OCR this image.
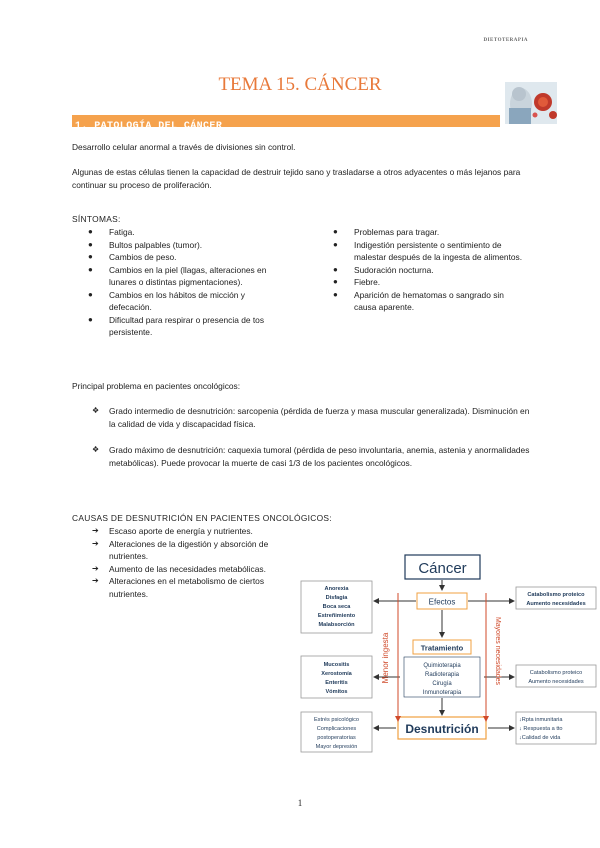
DIETOTERAPIA
TEMA 15. CÁNCER
1. PATOLOGÍA DEL CÁNCER
Desarrollo celular anormal a través de divisiones sin control.
Algunas de estas células tienen la capacidad de destruir tejido sano y trasladarse a otros adyacentes o más lejanos para continuar su proceso de proliferación.
SÍNTOMAS:
● Fatiga.
● Bultos palpables (tumor).
● Cambios de peso.
● Cambios en la piel (llagas, alteraciones en lunares o distintas pigmentaciones).
● Cambios en los hábitos de micción y defecación.
● Dificultad para respirar o presencia de tos persistente.
● Problemas para tragar.
● Indigestión persistente o sentimiento de malestar después de la ingesta de alimentos.
● Sudoración nocturna.
● Fiebre.
● Aparición de hematomas o sangrado sin causa aparente.
Principal problema en pacientes oncológicos:
❖ Grado intermedio de desnutrición: sarcopenia (pérdida de fuerza y masa muscular generalizada). Disminución en la calidad de vida y discapacidad física.
❖ Grado máximo de desnutrición: caquexia tumoral (pérdida de peso involuntaria, anemia, astenia y anormalidades metabólicas). Puede provocar la muerte de casi 1/3 de los pacientes oncológicos.
CAUSAS DE DESNUTRICIÓN EN PACIENTES ONCOLÓGICOS:
➔ Escaso aporte de energía y nutrientes.
➔ Alteraciones de la digestión y absorción de nutrientes.
➔ Aumento de las necesidades metabólicas.
➔ Alteraciones en el metabolismo de ciertos nutrientes.
Cáncer
Efectos
Tratamiento
Quimioterapia
Radioterapia
Cirugía
Inmunoterapia
Desnutrición
Menor ingesta	Mayores necesidades
Anorexia
Disfagia
Boca seca
Estreñimiento
Malabsorción
Mucositis
Xerostomía
Enteritis
Vómitos
Estrés psicológico
Complicaciones
postoperatorias
Mayor depresión
Catabolismo proteico
Aumento necesidades
Catabolismo proteico
Aumento necesidades
↓Rpta inmunitaria
↓ Respuesta a tto
↓Calidad de vida
1
